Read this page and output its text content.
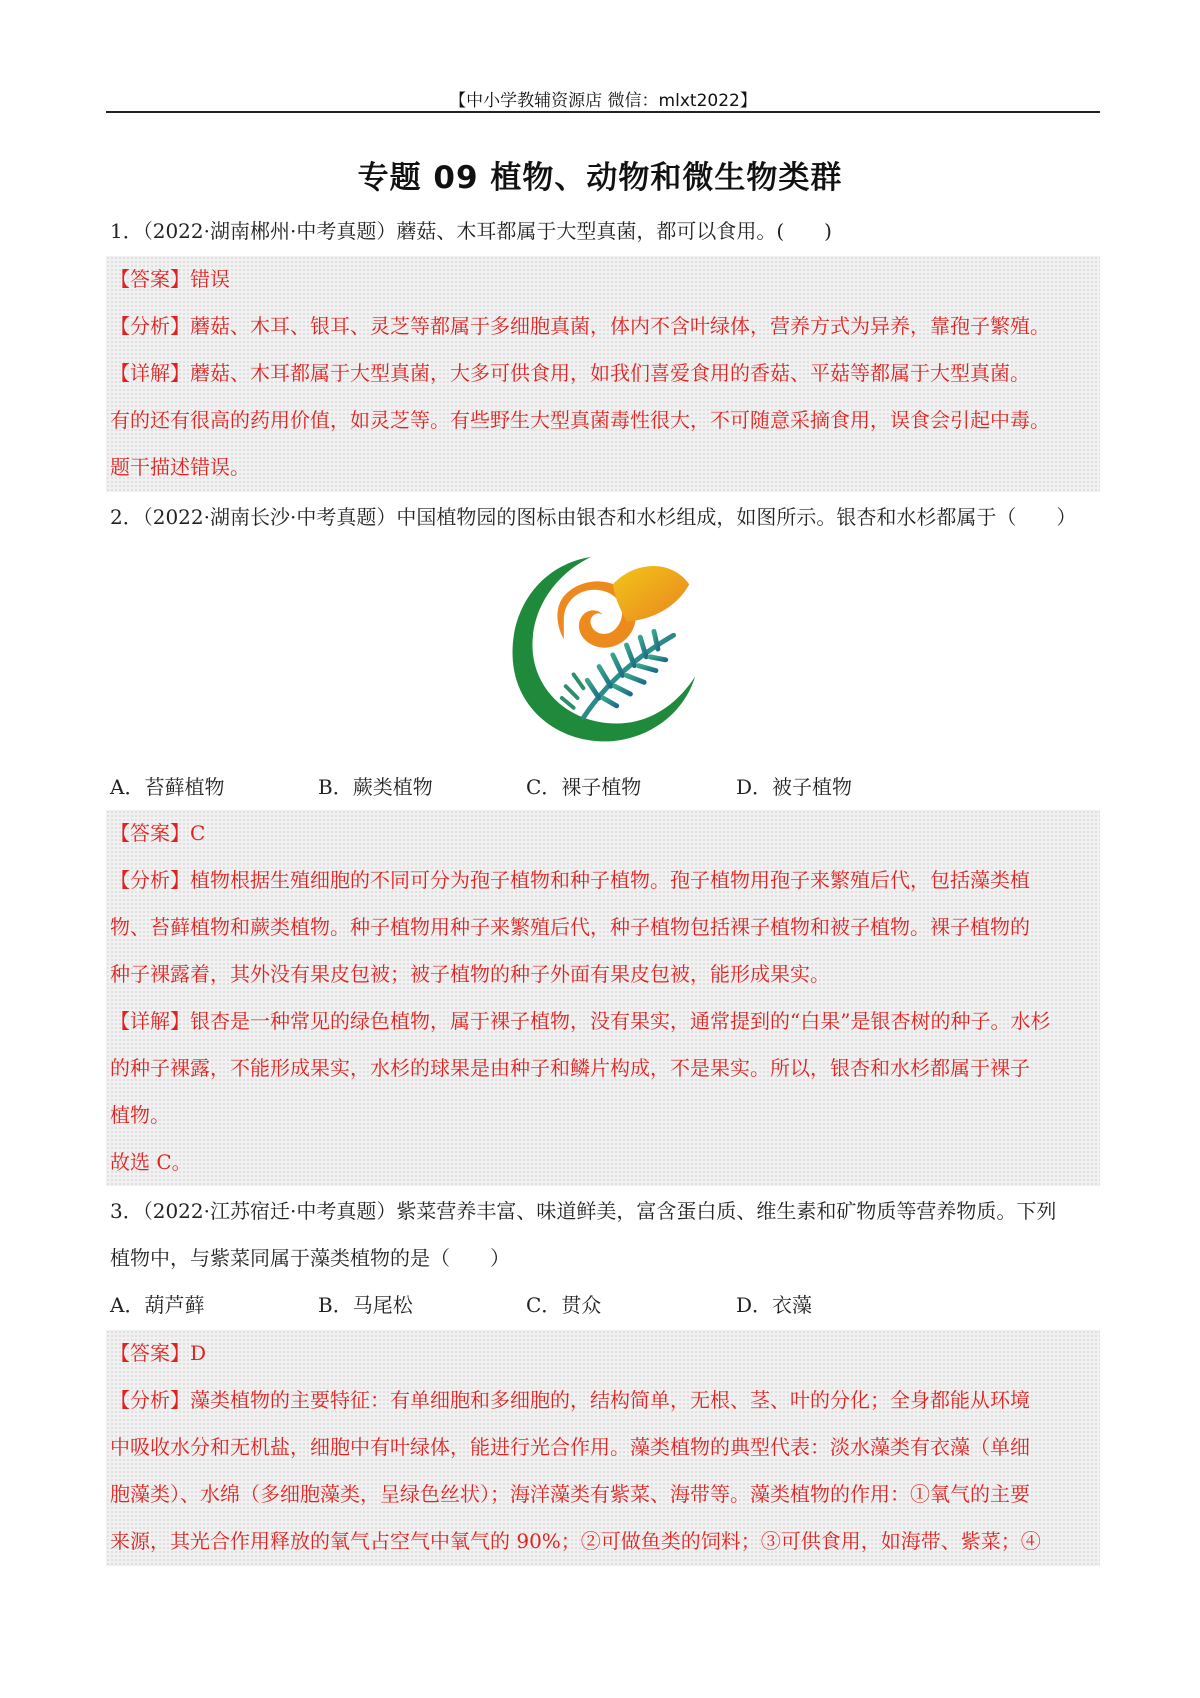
【中小学教辅资源店 微信：mlxt2022】
专题 09 植物、动物和微生物类群
1．（2022·湖南郴州·中考真题）蘑菇、木耳都属于大型真菌，都可以食用。(　　)
【答案】错误
【分析】蘑菇、木耳、银耳、灵芝等都属于多细胞真菌，体内不含叶绿体，营养方式为异养，靠孢子繁殖。
【详解】蘑菇、木耳都属于大型真菌，大多可供食用，如我们喜爱食用的香菇、平菇等都属于大型真菌。
有的还有很高的药用价值，如灵芝等。有些野生大型真菌毒性很大，不可随意采摘食用，误食会引起中毒。
题干描述错误。
2．（2022·湖南长沙·中考真题）中国植物园的图标由银杏和水杉组成，如图所示。银杏和水杉都属于（　　）
A．苔藓植物	B．蕨类植物	C．裸子植物	D．被子植物
【答案】C
【分析】植物根据生殖细胞的不同可分为孢子植物和种子植物。孢子植物用孢子来繁殖后代，包括藻类植
物、苔藓植物和蕨类植物。种子植物用种子来繁殖后代，种子植物包括裸子植物和被子植物。裸子植物的
种子裸露着，其外没有果皮包被；被子植物的种子外面有果皮包被，能形成果实。
【详解】银杏是一种常见的绿色植物，属于裸子植物，没有果实，通常提到的“白果”是银杏树的种子。水杉
的种子裸露，不能形成果实，水杉的球果是由种子和鳞片构成，不是果实。所以，银杏和水杉都属于裸子
植物。
故选 C。
3．（2022·江苏宿迁·中考真题）紫菜营养丰富、味道鲜美，富含蛋白质、维生素和矿物质等营养物质。下列
植物中，与紫菜同属于藻类植物的是（　　）
A．葫芦藓	B．马尾松	C．贯众	D．衣藻
【答案】D
【分析】藻类植物的主要特征：有单细胞和多细胞的，结构简单，无根、茎、叶的分化；全身都能从环境
中吸收水分和无机盐，细胞中有叶绿体，能进行光合作用。藻类植物的典型代表：淡水藻类有衣藻（单细
胞藻类）、水绵（多细胞藻类，呈绿色丝状）；海洋藻类有紫菜、海带等。藻类植物的作用：①氧气的主要
来源，其光合作用释放的氧气占空气中氧气的 90%；②可做鱼类的饲料；③可供食用，如海带、紫菜；④
